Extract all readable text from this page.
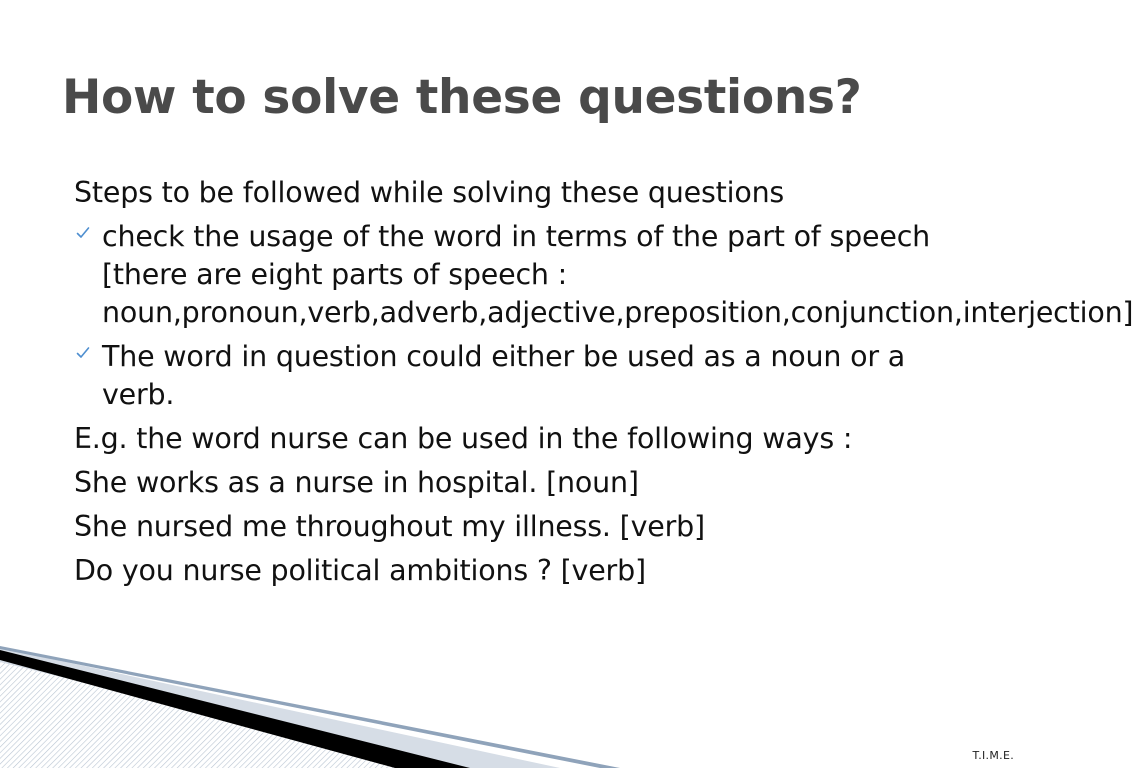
How to solve these questions?
Steps to be followed while solving these questions
check the usage of the word in terms of the part of speech [there are eight parts of speech : noun,pronoun,verb,adverb,adjective,preposition,conjunction,interjection]
The word in question could either be used as a noun or a verb.
E.g. the word nurse can be used in the following ways :
She works as a nurse in hospital. [noun]
She nursed me throughout my illness. [verb]
Do you nurse political ambitions ? [verb]
T.I.M.E.
